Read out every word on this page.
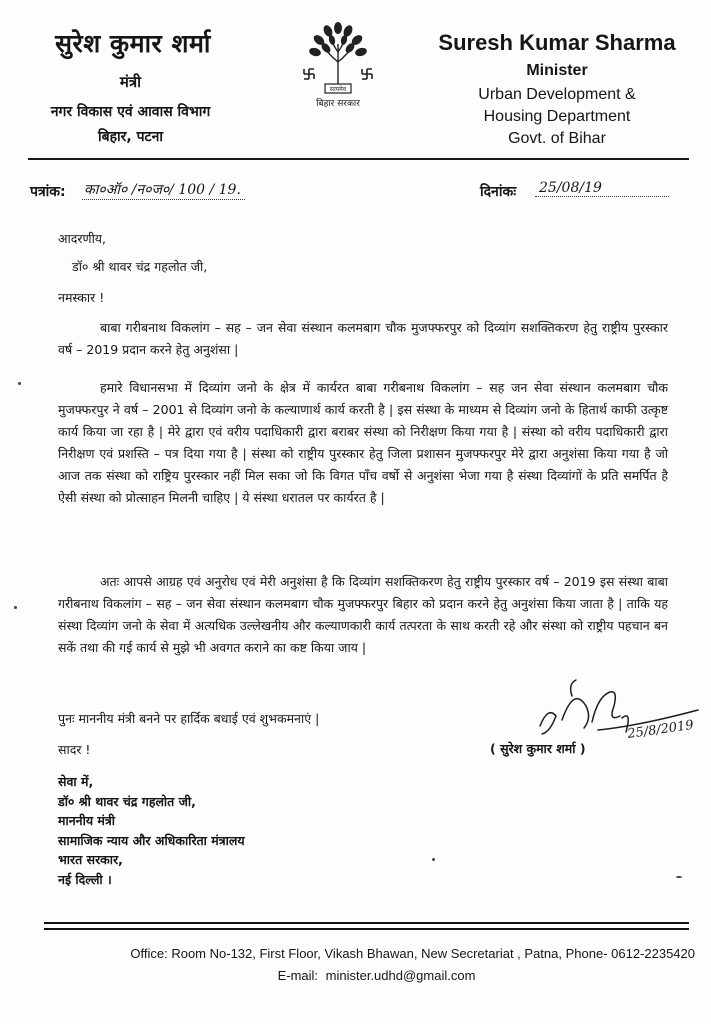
सुरेश कुमार शर्मा
मंत्री
नगर विकास एवं आवास विभाग
बिहार, पटना
सत्यमेव
बिहार सरकार
Suresh Kumar Sharma
Minister
Urban Development &
Housing Department
Govt. of Bihar
पत्रांक: का०ऑ० /न०ज०/ 100 / 19.	दिनांकः 25/08/19
आदरणीय,
डॉ० श्री थावर चंद्र गहलोत जी,
नमस्कार !

बाबा गरीबनाथ विकलांग – सह – जन सेवा संस्थान कलमबाग चौक मुजफ्फरपुर को दिव्यांग सशक्तिकरण हेतु राष्ट्रीय पुरस्कार वर्ष – 2019 प्रदान करने हेतु अनुशंसा |

हमारे विधानसभा में दिव्यांग जनो के क्षेत्र में कार्यरत बाबा गरीबनाथ विकलांग – सह जन सेवा संस्थान कलमबाग चौक मुजफ्फरपुर ने वर्ष – 2001 से दिव्यांग जनो के कल्याणार्थ कार्य करती है | इस संस्था के माध्यम से दिव्यांग जनो के हितार्थ काफी उत्कृष्ट कार्य किया जा रहा है | मेरे द्वारा एवं वरीय पदाधिकारी द्वारा बराबर संस्था को निरीक्षण किया गया है | संस्था को वरीय पदाधिकारी द्वारा निरीक्षण एवं प्रशस्ति – पत्र दिया गया है | संस्था को राष्ट्रीय पुरस्कार हेतु जिला प्रशासन मुजफ्फरपुर मेरे द्वारा अनुशंसा किया गया है जो आज तक संस्था को राष्ट्रिय पुरस्कार नहीं मिल सका जो कि विगत पाँच वर्षो से अनुशंसा भेजा गया है संस्था दिव्यांगों के प्रति समर्पित है ऐसी संस्था को प्रोत्साहन मिलनी चाहिए | ये संस्था धरातल पर कार्यरत है |

अतः आपसे आग्रह एवं अनुरोध एवं मेरी अनुशंसा है कि दिव्यांग सशक्तिकरण हेतु राष्ट्रीय पुरस्कार वर्ष – 2019 इस संस्था बाबा गरीबनाथ विकलांग – सह – जन सेवा संस्थान कलमबाग चौक मुजफ्फरपुर बिहार को प्रदान करने हेतु अनुशंसा किया जाता है | ताकि यह संस्था दिव्यांग जनो के सेवा में अत्यधिक उल्लेखनीय और कल्याणकारी कार्य तत्परता के साथ करती रहे और संस्था को राष्ट्रीय पहचान बन सकें तथा की गई कार्य से मुझे भी अवगत कराने का कष्ट किया जाय |

पुनः माननीय मंत्री बनने पर हार्दिक बधाई एवं शुभकमनाएं |
सादर !
25/8/2019
( सुरेश कुमार शर्मा )
सेवा में,
डॉ० श्री थावर चंद्र गहलोत जी,
माननीय मंत्री
सामाजिक न्याय और अधिकारिता मंत्रालय
भारत सरकार,
नई दिल्ली ।
Office: Room No-132, First Floor, Vikash Bhawan, New Secretariat , Patna, Phone- 0612-2235420
E-mail: minister.udhd@gmail.com
